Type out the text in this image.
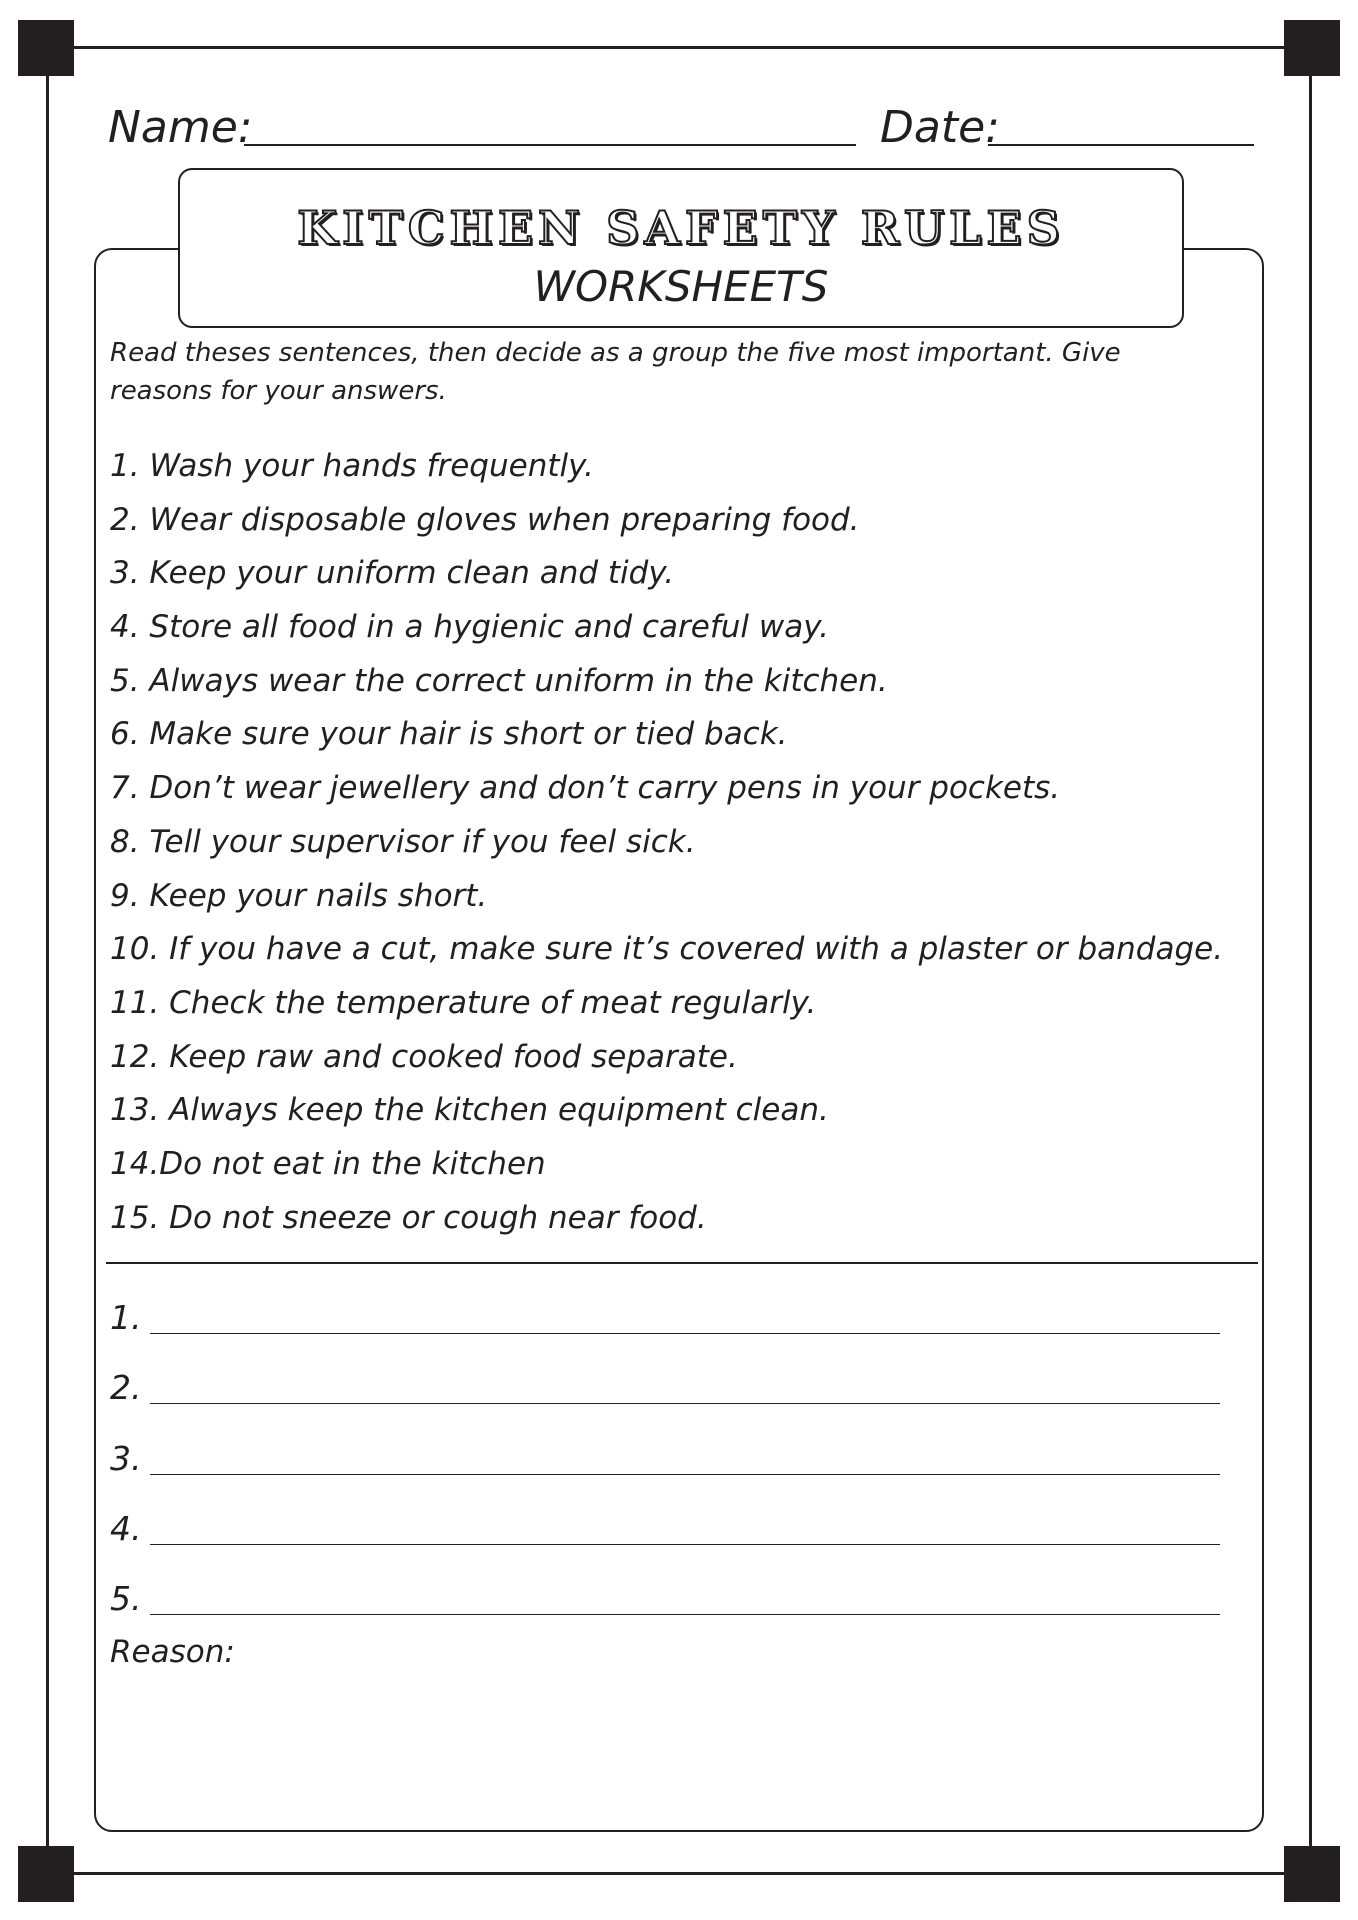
Name:	Date:
KITCHEN SAFETY RULES
WORKSHEETS
Read theses sentences, then decide as a group the five most important. Give reasons for your answers.
1. Wash your hands frequently.
2. Wear disposable gloves when preparing food.
3. Keep your uniform clean and tidy.
4. Store all food in a hygienic and careful way.
5. Always wear the correct uniform in the kitchen.
6. Make sure your hair is short or tied back.
7. Don’t wear jewellery and don’t carry pens in your pockets.
8. Tell your supervisor if you feel sick.
9. Keep your nails short.
10. If you have a cut, make sure it’s covered with a plaster or bandage.
11. Check the temperature of meat regularly.
12. Keep raw and cooked food separate.
13. Always keep the kitchen equipment clean.
14.Do not eat in the kitchen
15. Do not sneeze or cough near food.
1.
2.
3.
4.
5.
Reason:
